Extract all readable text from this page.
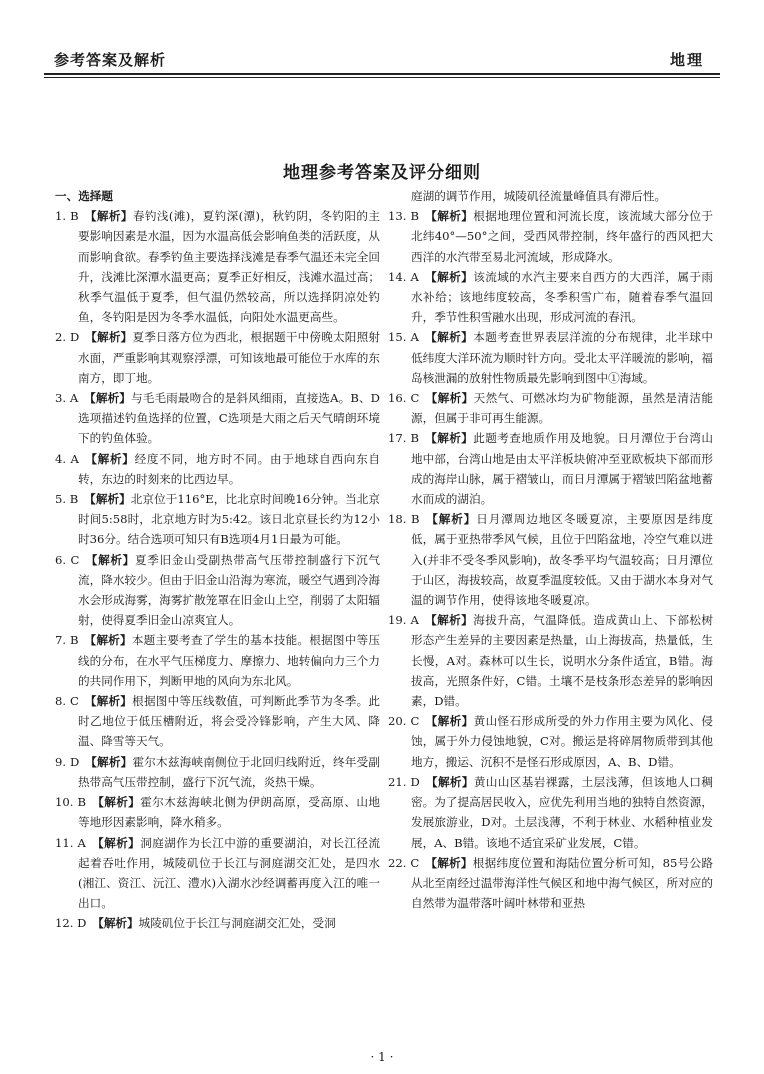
参考答案及解析	地理
地理参考答案及评分细则
一、选择题
1. B  【解析】春钓浅(滩)，夏钓深(潭)，秋钓阴，冬钓阳的主要影响因素是水温，因为水温高低会影响鱼类的活跃度，从而影响食欲。春季钓鱼主要选择浅滩是春季气温还未完全回升，浅滩比深潭水温更高；夏季正好相反，浅滩水温过高；秋季气温低于夏季，但气温仍然较高，所以选择阴凉处钓鱼，冬钓阳是因为冬季水温低，向阳处水温更高些。
2. D  【解析】夏季日落方位为西北，根据题干中傍晚太阳照射水面，严重影响其观察浮漂，可知该地最可能位于水库的东南方，即丁地。
3. A  【解析】与毛毛雨最吻合的是斜风细雨，直接选A。B、D选项描述钓鱼选择的位置，C选项是大雨之后天气晴朗环境下的钓鱼体验。
4. A  【解析】经度不同，地方时不同。由于地球自西向东自转，东边的时刻来的比西边早。
5. B  【解析】北京位于116°E，比北京时间晚16分钟。当北京时间5:58时，北京地方时为5:42。该日北京昼长约为12小时36分。结合选项可知只有B选项4月1日最为可能。
6. C  【解析】夏季旧金山受副热带高气压带控制盛行下沉气流，降水较少。但由于旧金山沿海为寒流，暖空气遇到冷海水会形成海雾，海雾扩散笼罩在旧金山上空，削弱了太阳辐射，使得夏季旧金山凉爽宜人。
7. B  【解析】本题主要考查了学生的基本技能。根据图中等压线的分布，在水平气压梯度力、摩擦力、地转偏向力三个力的共同作用下，判断甲地的风向为东北风。
8. C  【解析】根据图中等压线数值，可判断此季节为冬季。此时乙地位于低压槽附近，将会受冷锋影响，产生大风、降温、降雪等天气。
9. D  【解析】霍尔木兹海峡南侧位于北回归线附近，终年受副热带高气压带控制，盛行下沉气流，炎热干燥。
10. B  【解析】霍尔木兹海峡北侧为伊朗高原，受高原、山地等地形因素影响，降水稍多。
11. A  【解析】洞庭湖作为长江中游的重要湖泊，对长江径流起着吞吐作用，城陵矶位于长江与洞庭湖交汇处，是四水(湘江、资江、沅江、澧水)入湖水沙经调蓄再度入江的唯一出口。
12. D  【解析】城陵矶位于长江与洞庭湖交汇处，受洞
庭湖的调节作用，城陵矶径流量峰值具有滞后性。
13. B  【解析】根据地理位置和河流长度，该流域大部分位于北纬40°—50°之间，受西风带控制，终年盛行的西风把大西洋的水汽带至易北河流域，形成降水。
14. A  【解析】该流域的水汽主要来自西方的大西洋，属于雨水补给；该地纬度较高，冬季积雪广布，随着春季气温回升，季节性积雪融水出现，形成河流的春汛。
15. A  【解析】本题考查世界表层洋流的分布规律，北半球中低纬度大洋环流为顺时针方向。受北太平洋暖流的影响，福岛核泄漏的放射性物质最先影响到图中①海域。
16. C  【解析】天然气、可燃冰均为矿物能源，虽然是清洁能源，但属于非可再生能源。
17. B  【解析】此题考查地质作用及地貌。日月潭位于台湾山地中部，台湾山地是由太平洋板块俯冲至亚欧板块下部而形成的海岸山脉，属于褶皱山，而日月潭属于褶皱凹陷盆地蓄水而成的湖泊。
18. B  【解析】日月潭周边地区冬暖夏凉，主要原因是纬度低，属于亚热带季风气候，且位于凹陷盆地，冷空气难以进入(并非不受冬季风影响)，故冬季平均气温较高；日月潭位于山区，海拔较高，故夏季温度较低。又由于湖水本身对气温的调节作用，使得该地冬暖夏凉。
19. A  【解析】海拔升高，气温降低。造成黄山上、下部松树形态产生差异的主要因素是热量，山上海拔高，热量低，生长慢，A对。森林可以生长，说明水分条件适宜，B错。海拔高，光照条件好，C错。土壤不是枝条形态差异的影响因素，D错。
20. C  【解析】黄山怪石形成所受的外力作用主要为风化、侵蚀，属于外力侵蚀地貌，C对。搬运是将碎屑物质带到其他地方，搬运、沉积不是怪石形成原因，A、B、D错。
21. D  【解析】黄山山区基岩裸露，土层浅薄，但该地人口稠密。为了提高居民收入，应优先利用当地的独特自然资源，发展旅游业，D对。土层浅薄，不利于林业、水稻种植业发展，A、B错。该地不适宜采矿业发展，C错。
22. C  【解析】根据纬度位置和海陆位置分析可知，85号公路从北至南经过温带海洋性气候区和地中海气候区，所对应的自然带为温带落叶阔叶林带和亚热
· 1 ·
